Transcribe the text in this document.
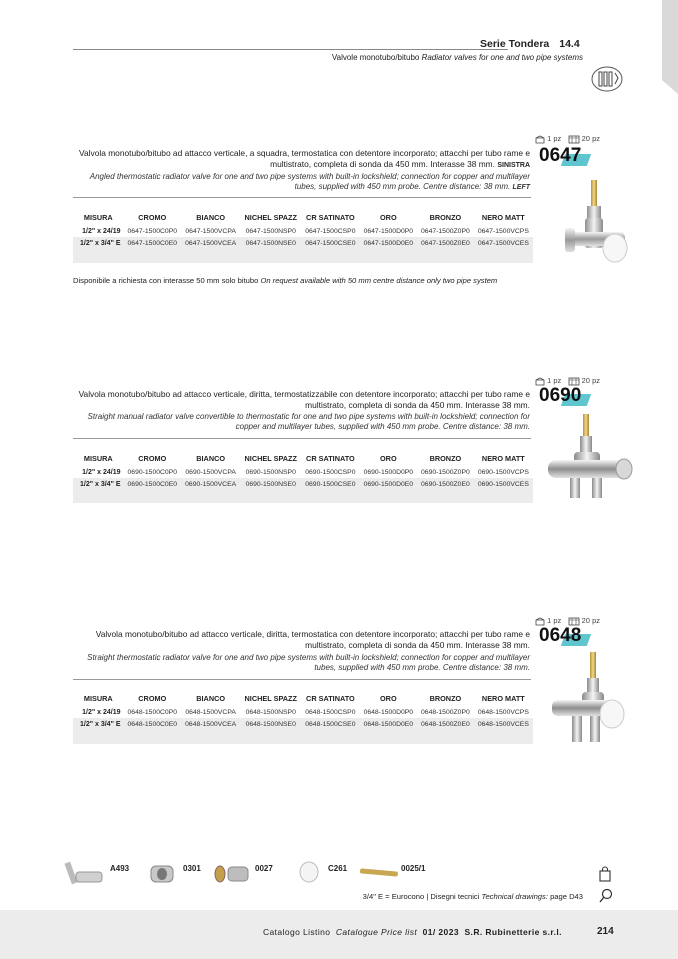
Serie Tondera 14.4
Valvole monotubo/bitubo Radiator valves for one and two pipe systems
1 pz	20 pz
Valvola monotubo/bitubo ad attacco verticale, a squadra, termostatica con detentore incorporato; attacchi per tubo rame e multistrato, completa di sonda da 450 mm. Interasse 38 mm. SINISTRA
Angled thermostatic radiator valve for one and two pipe systems with built-in lockshield; connection for copper and multilayer tubes, supplied with 450 mm probe. Centre distance: 38 mm. LEFT
0647
MISURA	CROMO	BIANCO	NICHEL SPAZZ	CR SATINATO	ORO	BRONZO	NERO MATT
1/2" x 24/19	0647-1500C0P0	0647-1500VCPA	0647-1500NSP0	0647-1500CSP0	0647-1500D0P0	0647-1500Z0P0	0647-1500VCPS
1/2" x 3/4" E	0647-1500C0E0	0647-1500VCEA	0647-1500NSE0	0647-1500CSE0	0647-1500D0E0	0647-1500Z0E0	0647-1500VCES

Disponibile a richiesta con interasse 50 mm solo bitubo On request available with 50 mm centre distance only two pipe system
1 pz	20 pz
Valvola monotubo/bitubo ad attacco verticale, diritta, termostatizzabile con detentore incorporato; attacchi per tubo rame e multistrato, completa di sonda da 450 mm. Interasse 38 mm.
Straight manual radiator valve convertible to thermostatic for one and two pipe systems with built-in lockshield; connection for copper and multilayer tubes, supplied with 450 mm probe. Centre distance: 38 mm.
0690
MISURA	CROMO	BIANCO	NICHEL SPAZZ	CR SATINATO	ORO	BRONZO	NERO MATT
1/2" x 24/19	0690-1500C0P0	0690-1500VCPA	0690-1500NSP0	0690-1500CSP0	0690-1500D0P0	0690-1500Z0P0	0690-1500VCPS
1/2" x 3/4" E	0690-1500C0E0	0690-1500VCEA	0690-1500NSE0	0690-1500CSE0	0690-1500D0E0	0690-1500Z0E0	0690-1500VCES

1 pz	20 pz
Valvola monotubo/bitubo ad attacco verticale, diritta, termostatica con detentore incorporato; attacchi per tubo rame e multistrato, completa di sonda da 450 mm. Interasse 38 mm.
Straight thermostatic radiator valve for one and two pipe systems with built-in lockshield; connection for copper and multilayer tubes, supplied with 450 mm probe. Centre distance: 38 mm.
0648
MISURA	CROMO	BIANCO	NICHEL SPAZZ	CR SATINATO	ORO	BRONZO	NERO MATT
1/2" x 24/19	0648-1500C0P0	0648-1500VCPA	0648-1500NSP0	0648-1500CSP0	0648-1500D0P0	0648-1500Z0P0	0648-1500VCPS
1/2" x 3/4" E	0648-1500C0E0	0648-1500VCEA	0648-1500NSE0	0648-1500CSE0	0648-1500D0E0	0648-1500Z0E0	0648-1500VCES

A493	0301	0027	C261	0025/1
3/4" E = Eurocono | Disegni tecnici Technical drawings: page D43
Catalogo Listino Catalogue Price list 01/ 2023 S.R. Rubinetterie s.r.l.	214
